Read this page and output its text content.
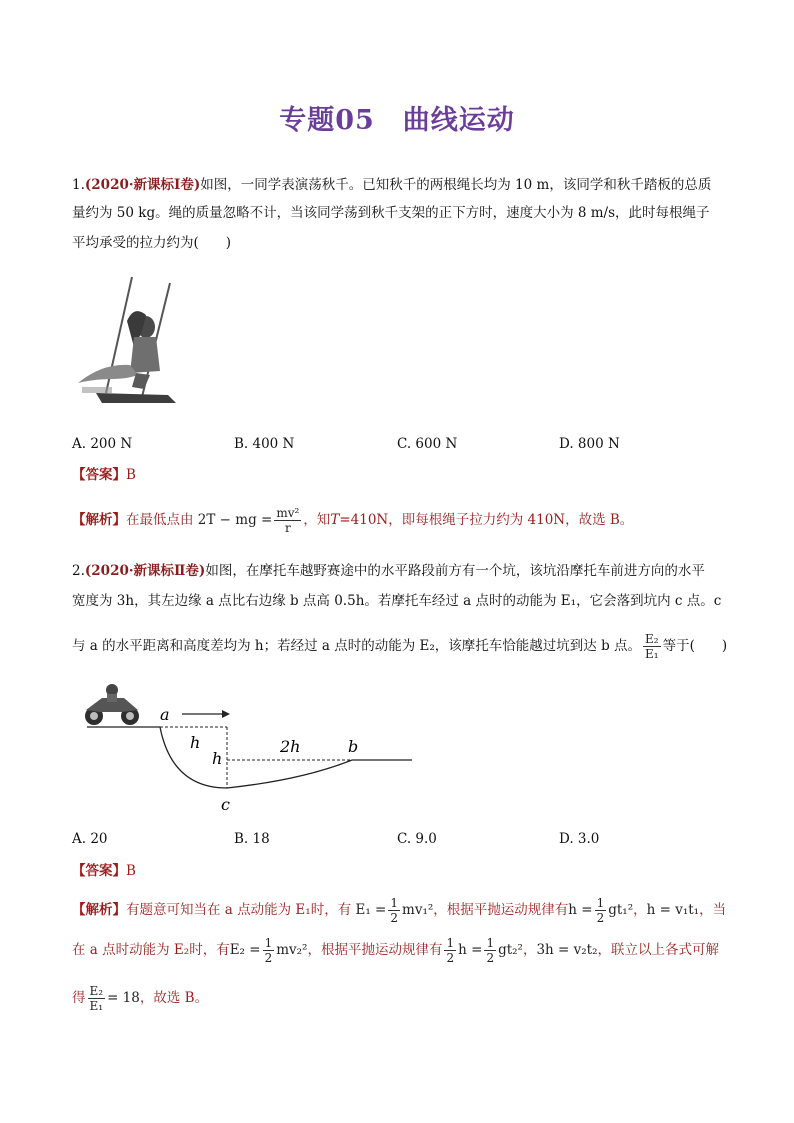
专题05　曲线运动
1.(2020·新课标Ⅰ卷)如图，一同学表演荡秋千。已知秋千的两根绳长均为 10 m，该同学和秋千踏板的总质
量约为 50 kg。绳的质量忽略不计，当该同学荡到秋千支架的正下方时，速度大小为 8 m/s，此时每根绳子
平均承受的拉力约为(　　)
A. 200 N	B. 400 N	C. 600 N	D. 800 N
【答案】B
【解析】在最低点由 2T − mg = $\frac{\text{mv²}}{r}$ ，知T=410N，即每根绳子拉力约为 410N，故选 B。
2.(2020·新课标Ⅱ卷)如图，在摩托车越野赛途中的水平路段前方有一个坑，该坑沿摩托车前进方向的水平
宽度为 3h，其左边缘 a 点比右边缘 b 点高 0.5h。若摩托车经过 a 点时的动能为 E₁，它会落到坑内 c 点。c
与 a 的水平距离和高度差均为 h；若经过 a 点时的动能为 E₂，该摩托车恰能越过坑到达 b 点。 $\frac{\text{E₂}}{\text{E₁}}$ 等于(　　)
a
h
h
2h	b
c
A. 20	B. 18	C. 9.0	D. 3.0
【答案】B
【解析】有题意可知当在 a 点动能为 E₁时，有 $E_1 = \frac{1}{2} mv_1^2$，根据平抛运动规律有$h = \frac{1}{2} gt_1^2$，h = v₁t₁，当
在 a 点时动能为 E₂时，有$E_2 = \frac{1}{2} mv_2^2$，根据平抛运动规律有 $\frac{1}{2}$ $h = \frac{1}{2} gt_2^2$，3h = v₂t₂，联立以上各式可解
得 $\frac{\text{E₂}}{\text{E₁}} = 18$，故选 B。
